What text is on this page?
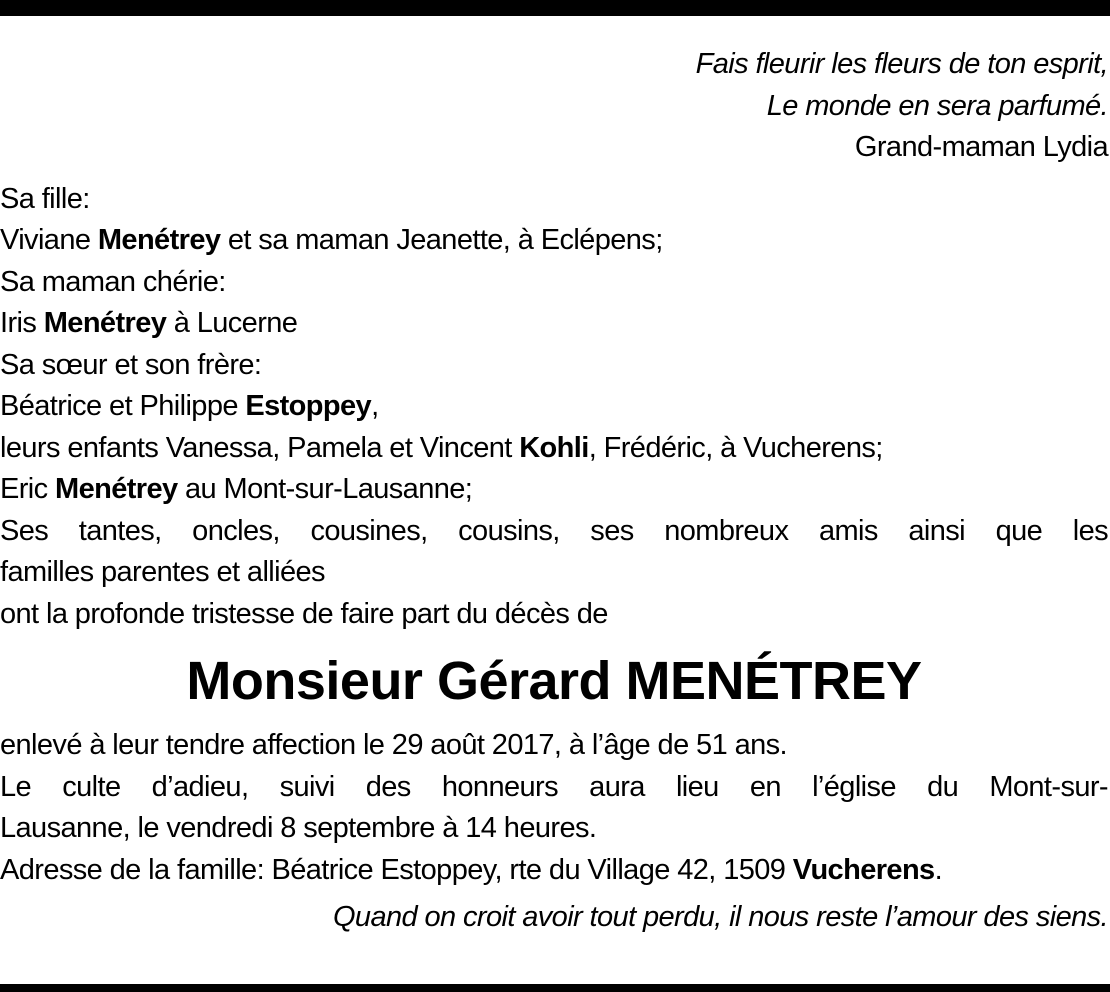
Fais fleurir les fleurs de ton esprit,
Le monde en sera parfumé.
Grand-maman Lydia
Sa fille:
Viviane Menétrey et sa maman Jeanette, à Eclépens;
Sa maman chérie:
Iris Menétrey à Lucerne
Sa sœur et son frère:
Béatrice et Philippe Estoppey,
leurs enfants Vanessa, Pamela et Vincent Kohli, Frédéric, à Vucherens;
Eric Menétrey au Mont-sur-Lausanne;
Ses tantes, oncles, cousines, cousins, ses nombreux amis ainsi que les
familles parentes et alliées
ont la profonde tristesse de faire part du décès de
Monsieur Gérard MENÉTREY
enlevé à leur tendre affection le 29 août 2017, à l’âge de 51 ans.
Le culte d’adieu, suivi des honneurs aura lieu en l’église du Mont-sur-
Lausanne, le vendredi 8 septembre à 14 heures.
Adresse de la famille: Béatrice Estoppey, rte du Village 42, 1509 Vucherens.
Quand on croit avoir tout perdu, il nous reste l’amour des siens.
